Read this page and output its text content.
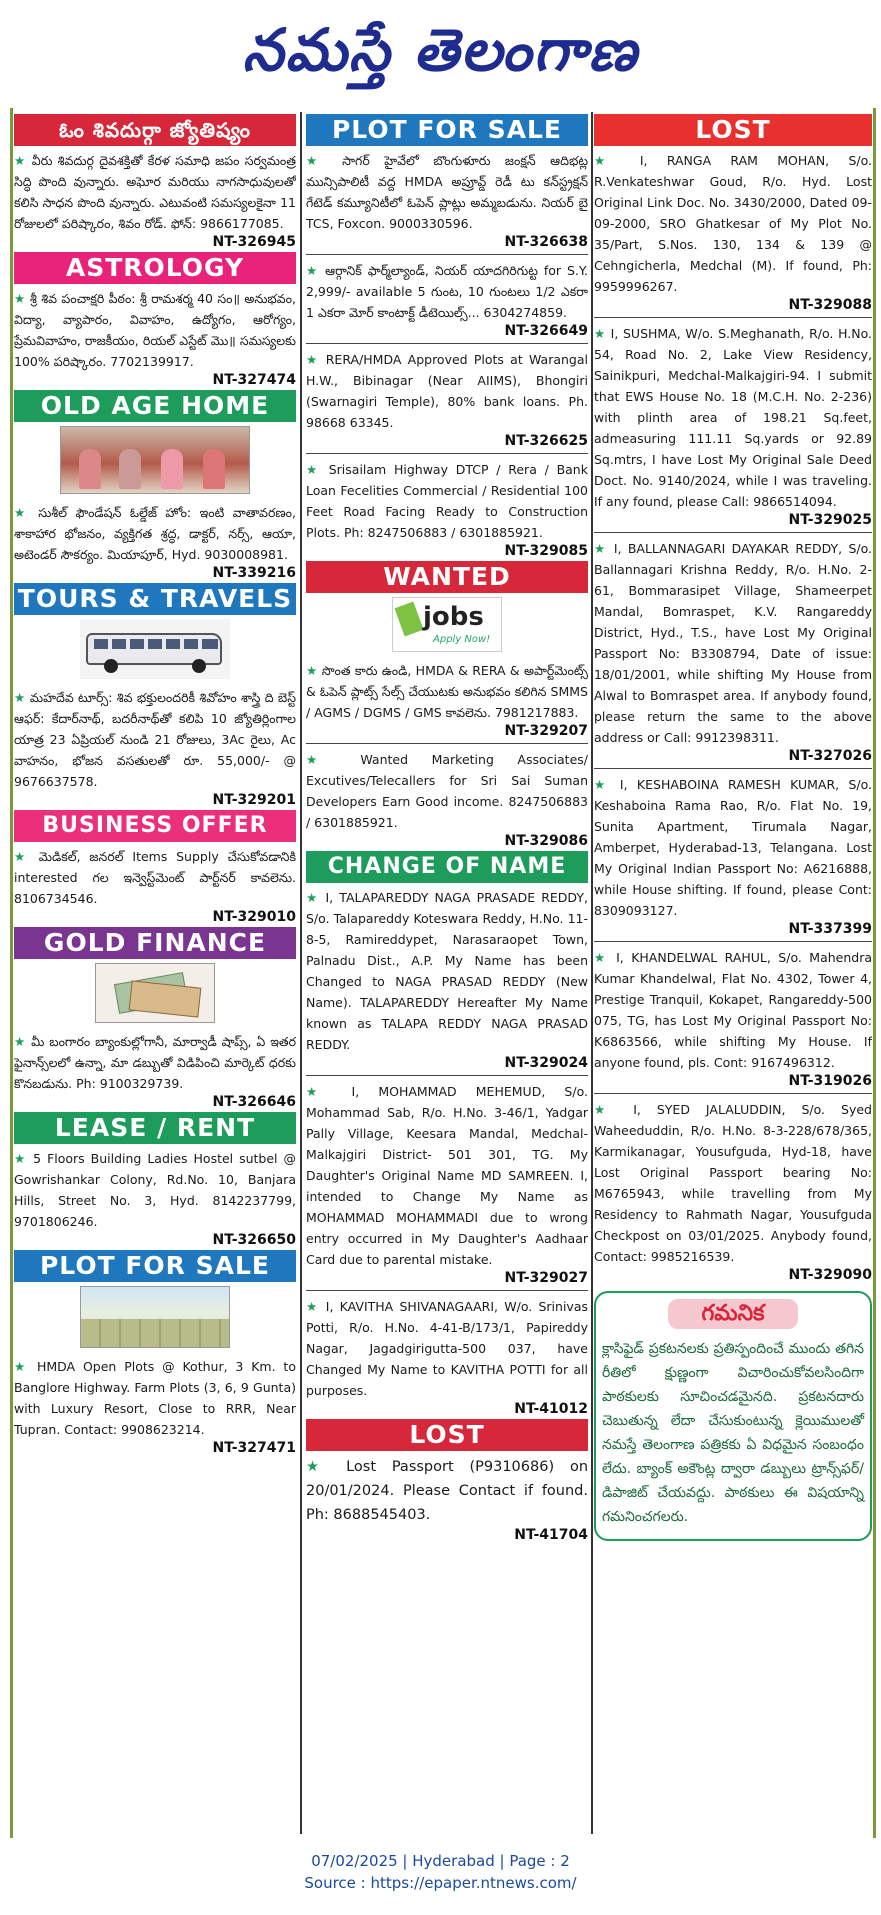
నమస్తే తెలంగాణ
ఓం శివదుర్గా జ్యోతిష్యం
★ వీరు శివదుర్గ దైవశక్తితో కేరళ సమాధి జపం సర్వమంత్ర సిద్ధి పొంది వున్నారు. అఘోర మరియు నాగసాధువులతో కలిసి సాధన పొంది వున్నారు. ఎటువంటి సమస్యలకైనా 11 రోజులలో పరిష్కారం, శివం రోడ్. ఫోన్: 9866177085.
NT-326945
ASTROLOGY
★ శ్రీ శివ పంచాక్షరి పీఠం: శ్రీ రామశర్మ 40 సం॥ అనుభవం, విద్యా, వ్యాపారం, వివాహం, ఉద్యోగం, ఆరోగ్యం, ప్రేమవివాహం, రాజకీయం, రియల్ ఎస్టేట్ మొ॥ సమస్యలకు 100% పరిష్కారం. 7702139917.
NT-327474
OLD AGE HOME
★ సుశీల్ ఫౌండేషన్ ఓల్డేజ్ హోం: ఇంటి వాతావరణం, శాకాహార భోజనం, వ్యక్తిగత శ్రద్ధ, డాక్టర్, నర్స్, ఆయా, అటెండర్ సౌకర్యం. మియాపూర్, Hyd. 9030008981.
NT-339216
TOURS & TRAVELS
★ మహదేవ టూర్స్: శివ భక్తులందరికీ శివోహం శాస్త్రి ది బెస్ట్ ఆఫర్: కేదార్‌నాథ్, బదరీనాథ్‌తో కలిపి 10 జ్యోతిర్లింగాల యాత్ర 23 ఏప్రియల్ నుండి 21 రోజులు, 3Ac రైలు, Ac వాహనం, భోజన వసతులతో రూ. 55,000/- @ 9676637578.
NT-329201
BUSINESS OFFER
★ మెడికల్, జనరల్ Items Supply చేసుకోవడానికి interested గల ఇన్వెస్ట్‌మెంట్ పార్ట్‌నర్ కావలెను. 8106734546.
NT-329010
GOLD FINANCE
★ మీ బంగారం బ్యాంకుల్లోగానీ, మార్వాడీ షాప్స్, ఏ ఇతర ఫైనాన్స్‌లలో ఉన్నా, మా డబ్బుతో విడిపించి మార్కెట్ ధరకు కొనబడును. Ph: 9100329739.
NT-326646
LEASE / RENT
★ 5 Floors Building Ladies Hostel sutbel @ Gowrishankar Colony, Rd.No. 10, Banjara Hills, Street No. 3, Hyd. 8142237799, 9701806246.
NT-326650
PLOT FOR SALE
★ HMDA Open Plots @ Kothur, 3 Km. to Banglore Highway. Farm Plots (3, 6, 9 Gunta) with Luxury Resort, Close to RRR, Near Tupran. Contact: 9908623214.
NT-327471
PLOT FOR SALE
★ సాగర్ హైవేలో బొంగుళూరు జంక్షన్ ఆదిభట్ల మున్సిపాలిటీ వద్ద HMDA అప్రూవ్డ్ రెడీ టు కన్‌స్ట్రక్షన్ గేటెడ్ కమ్యూనిటీలో ఓపెన్ ప్లాట్లు అమ్మబడును. నియర్ బై TCS, Foxcon. 9000330596.
NT-326638
★ ఆర్గానిక్ ఫార్మ్‌ల్యాండ్, నియర్ యాదగిరిగుట్ట for S.Y. 2,999/- available 5 గుంట, 10 గుంటలు 1/2 ఎకరా 1 ఎకరా మోర్ కాంటాక్ట్ డీటెయిల్స్... 6304274859.
NT-326649
★ RERA/HMDA Approved Plots at Warangal H.W., Bibinagar (Near AIIMS), Bhongiri (Swarnagiri Temple), 80% bank loans. Ph. 98668 63345.
NT-326625
★ Srisailam Highway DTCP / Rera / Bank Loan Fecelities Commercial / Residential 100 Feet Road Facing Ready to Construction Plots. Ph: 8247506883 / 6301885921.
NT-329085
WANTED
jobs
Apply Now!
★ సొంత కారు ఉండి, HMDA & RERA & అపార్ట్‌మెంట్స్ & ఓపెన్ ప్లాట్స్ సేల్స్ చేయుటకు అనుభవం కలిగిన SMMS / AGMS / DGMS / GMS కావలెను. 7981217883.
NT-329207
★ Wanted Marketing Associates/ Excutives/Telecallers for Sri Sai Suman Developers Earn Good income. 8247506883 / 6301885921.
NT-329086
CHANGE OF NAME
★ I, TALAPAREDDY NAGA PRASADE REDDY, S/o. Talapareddy Koteswara Reddy, H.No. 11-8-5, Ramireddypet, Narasaraopet Town, Palnadu Dist., A.P. My Name has been Changed to NAGA PRASAD REDDY (New Name). TALAPAREDDY Hereafter My Name known as TALAPA REDDY NAGA PRASAD REDDY.
NT-329024
★ I, MOHAMMAD MEHEMUD, S/o. Mohammad Sab, R/o. H.No. 3-46/1, Yadgar Pally Village, Keesara Mandal, Medchal-Malkajgiri District- 501 301, TG. My Daughter's Original Name MD SAMREEN. I, intended to Change My Name as MOHAMMAD MOHAMMADI due to wrong entry occurred in My Daughter's Aadhaar Card due to parental mistake.
NT-329027
★ I, KAVITHA SHIVANAGAARI, W/o. Srinivas Potti, R/o. H.No. 4-41-B/173/1, Papireddy Nagar, Jagadgirigutta-500 037, have Changed My Name to KAVITHA POTTI for all purposes.
NT-41012
LOST
★ Lost Passport (P9310686) on 20/01/2024. Please Contact if found. Ph: 8688545403.
NT-41704
LOST
★ I, RANGA RAM MOHAN, S/o. R.Venkateshwar Goud, R/o. Hyd. Lost Original Link Doc. No. 3430/2000, Dated 09-09-2000, SRO Ghatkesar of My Plot No. 35/Part, S.Nos. 130, 134 & 139 @ Cehngicherla, Medchal (M). If found, Ph: 9959996267.
NT-329088
★ I, SUSHMA, W/o. S.Meghanath, R/o. H.No. 54, Road No. 2, Lake View Residency, Sainikpuri, Medchal-Malkajgiri-94. I submit that EWS House No. 18 (M.C.H. No. 2-236) with plinth area of 198.21 Sq.feet, admeasuring 111.11 Sq.yards or 92.89 Sq.mtrs, I have Lost My Original Sale Deed Doct. No. 9140/2024, while I was traveling. If any found, please Call: 9866514094.
NT-329025
★ I, BALLANNAGARI DAYAKAR REDDY, S/o. Ballannagari Krishna Reddy, R/o. H.No. 2-61, Bommarasipet Village, Shameerpet Mandal, Bomraspet, K.V. Rangareddy District, Hyd., T.S., have Lost My Original Passport No: B3308794, Date of issue: 18/01/2001, while shifting My House from Alwal to Bomraspet area. If anybody found, please return the same to the above address or Call: 9912398311.
NT-327026
★ I, KESHABOINA RAMESH KUMAR, S/o. Keshaboina Rama Rao, R/o. Flat No. 19, Sunita Apartment, Tirumala Nagar, Amberpet, Hyderabad-13, Telangana. Lost My Original Indian Passport No: A6216888, while House shifting. If found, please Cont: 8309093127.
NT-337399
★ I, KHANDELWAL RAHUL, S/o. Mahendra Kumar Khandelwal, Flat No. 4302, Tower 4, Prestige Tranquil, Kokapet, Rangareddy-500 075, TG, has Lost My Original Passport No: K6863566, while shifting My House. If anyone found, pls. Cont: 9167496312.
NT-319026
★ I, SYED JALALUDDIN, S/o. Syed Waheeduddin, R/o. H.No. 8-3-228/678/365, Karmikanagar, Yousufguda, Hyd-18, have Lost Original Passport bearing No: M6765943, while travelling from My Residency to Rahmath Nagar, Yousufguda Checkpost on 03/01/2025. Anybody found, Contact: 9985216539.
NT-329090
గమనిక
క్లాసిఫైడ్ ప్రకటనలకు ప్రతిస్పందించే ముందు తగిన రీతిలో క్షుణ్ణంగా విచారించుకోవలసిందిగా పాఠకులకు సూచించడమైనది. ప్రకటనదారు చెబుతున్న లేదా చేసుకుంటున్న క్లెయిములతో నమస్తే తెలంగాణ పత్రికకు ఏ విధమైన సంబంధం లేదు. బ్యాంక్ అకౌంట్ల ద్వారా డబ్బులు ట్రాన్స్‌ఫర్/డిపాజిట్ చేయవద్దు. పాఠకులు ఈ విషయాన్ని గమనించగలరు.
07/02/2025 | Hyderabad | Page : 2
Source : https://epaper.ntnews.com/
